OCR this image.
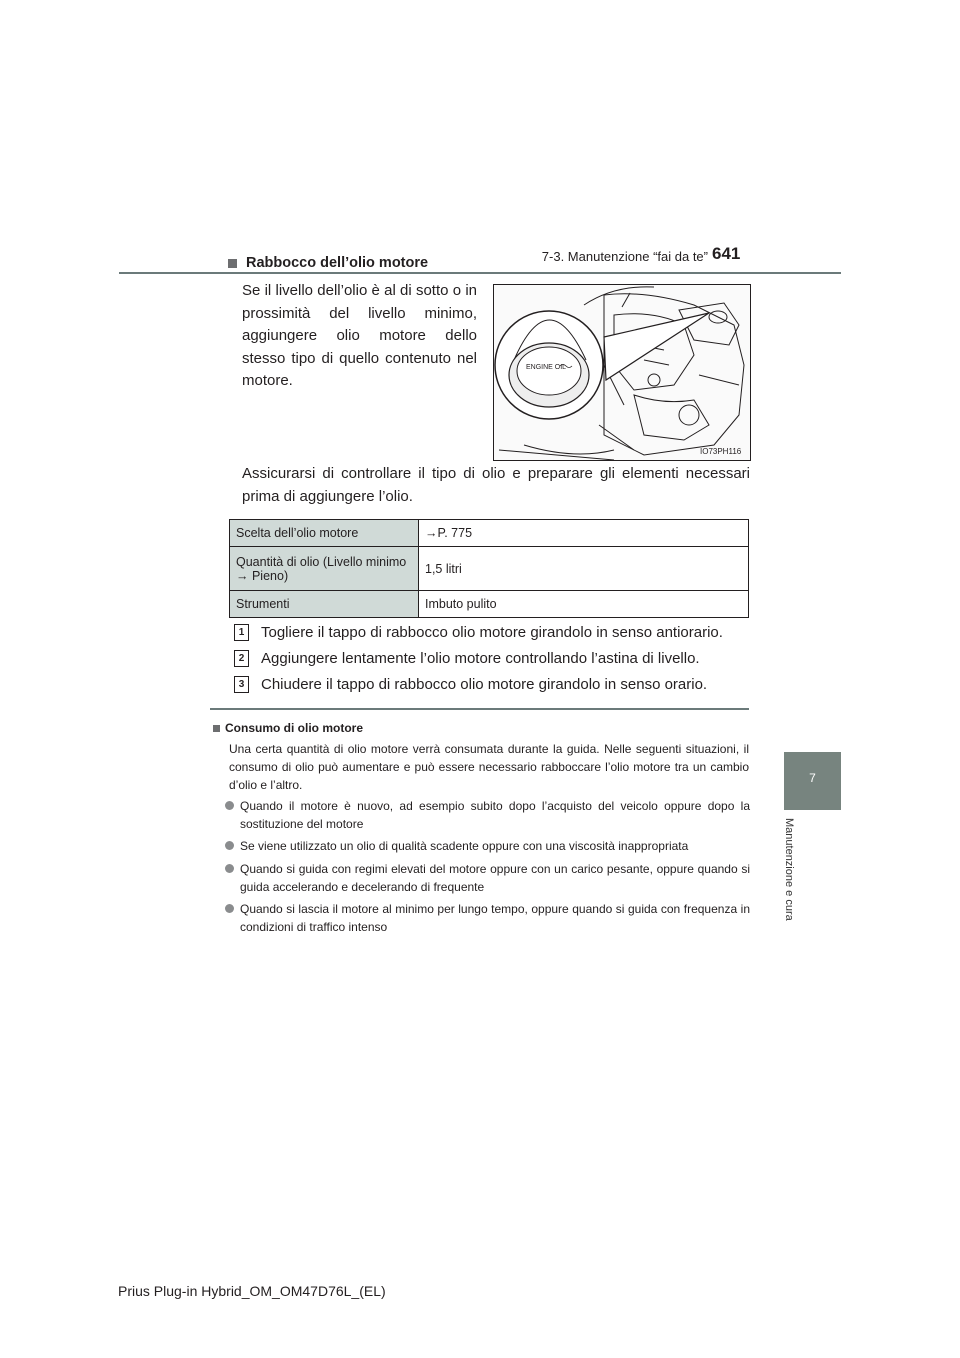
7-3. Manutenzione “fai da te” 641
7
Manutenzione e cura
Rabbocco dell’olio motore
Se il livello dell’olio è al di sotto o in prossimità del livello minimo, aggiungere olio motore dello stesso tipo di quello contenuto nel motore.
ENGINE OIL
IO73PH116
Assicurarsi di controllare il tipo di olio e preparare gli elementi necessari prima di aggiungere l’olio.
Scelta dell’olio motore	→P. 775
Quantità di olio (Livello minimo
→ Pieno)	1,5 litri
Strumenti	Imbuto pulito
1	Togliere il tappo di rabbocco olio motore girandolo in senso antiorario.
2	Aggiungere lentamente l’olio motore controllando l’astina di livello.
3	Chiudere il tappo di rabbocco olio motore girandolo in senso orario.
Consumo di olio motore
Una certa quantità di olio motore verrà consumata durante la guida. Nelle seguenti situazioni, il consumo di olio può aumentare e può essere necessario rabboccare l’olio motore tra un cambio d’olio e l’altro.
Quando il motore è nuovo, ad esempio subito dopo l’acquisto del veicolo oppure dopo la sostituzione del motore
Se viene utilizzato un olio di qualità scadente oppure con una viscosità inappropriata
Quando si guida con regimi elevati del motore oppure con un carico pesante, oppure quando si guida accelerando e decelerando di frequente
Quando si lascia il motore al minimo per lungo tempo, oppure quando si guida con frequenza in condizioni di traffico intenso
Prius Plug-in Hybrid_OM_OM47D76L_(EL)
